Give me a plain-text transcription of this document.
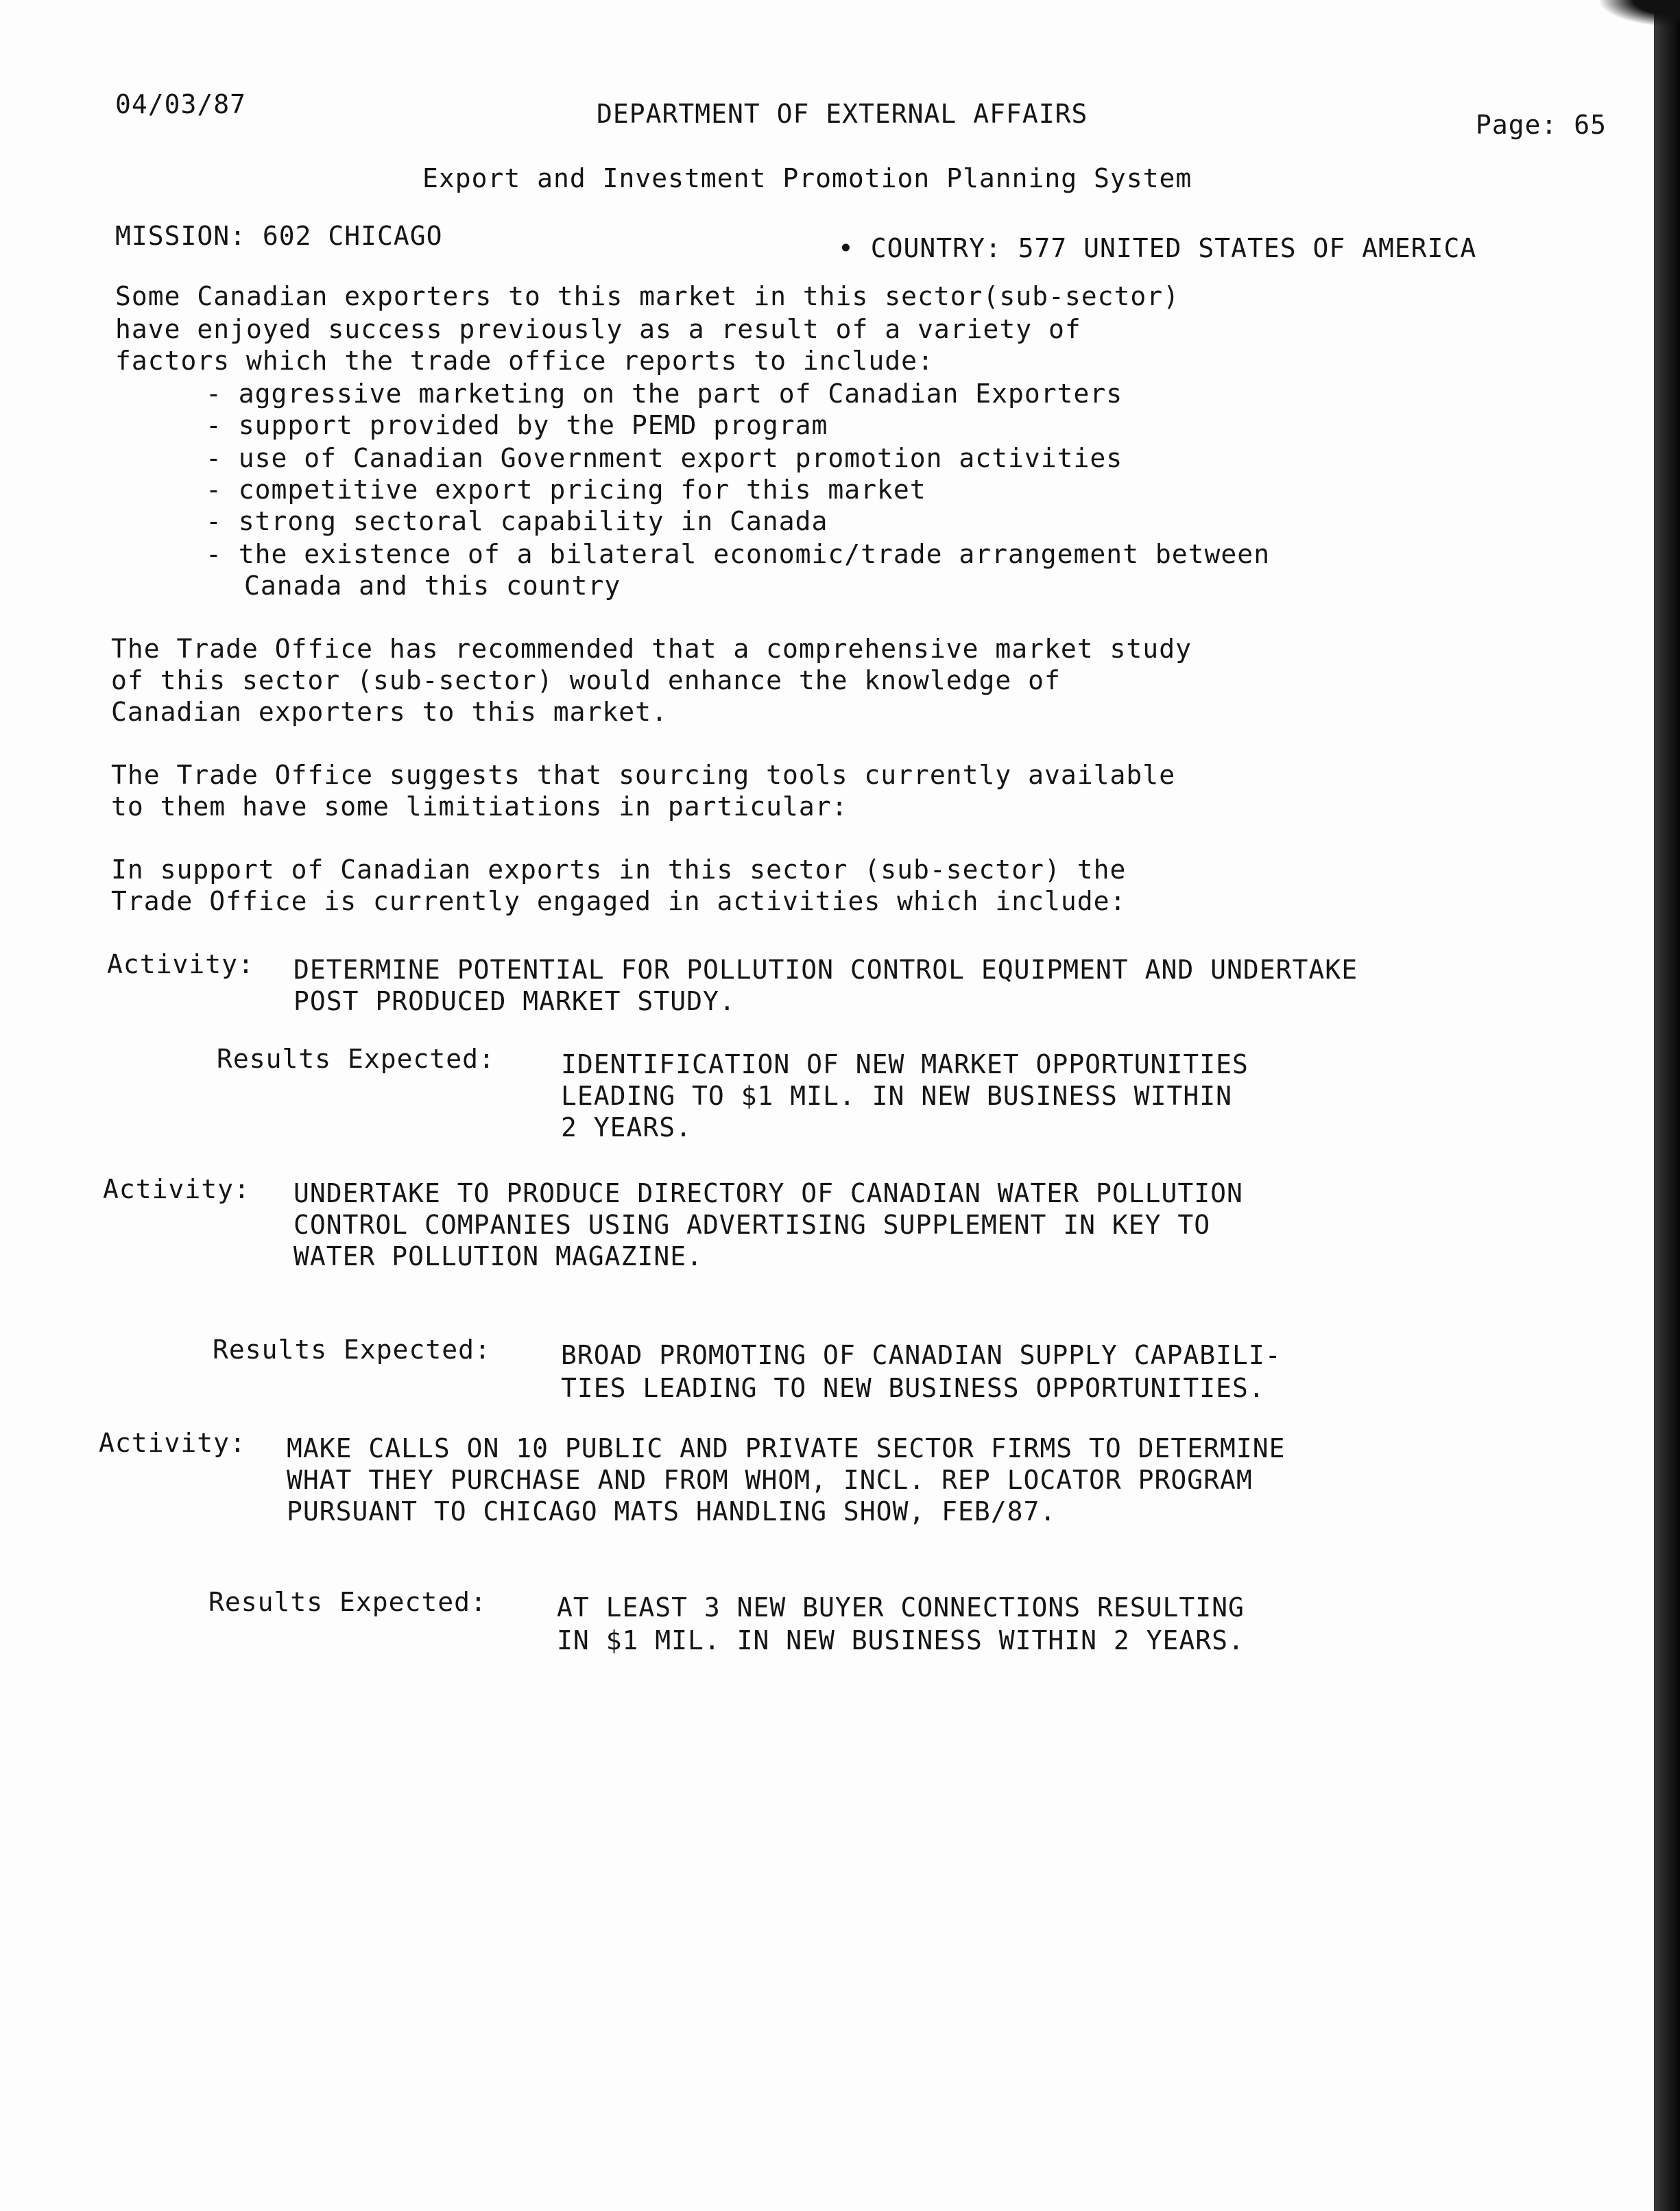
04/03/87	DEPARTMENT OF EXTERNAL AFFAIRS	Page: 65
Export and Investment Promotion Planning System
MISSION: 602 CHICAGO	• COUNTRY: 577 UNITED STATES OF AMERICA
Some Canadian exporters to this market in this sector(sub-sector)
have enjoyed success previously as a result of a variety of
factors which the trade office reports to include:
- aggressive marketing on the part of Canadian Exporters
- support provided by the PEMD program
- use of Canadian Government export promotion activities
- competitive export pricing for this market
- strong sectoral capability in Canada
- the existence of a bilateral economic/trade arrangement between
Canada and this country
The Trade Office has recommended that a comprehensive market study
of this sector (sub-sector) would enhance the knowledge of
Canadian exporters to this market.
The Trade Office suggests that sourcing tools currently available
to them have some limitiations in particular:
In support of Canadian exports in this sector (sub-sector) the
Trade Office is currently engaged in activities which include:
Activity: DETERMINE POTENTIAL FOR POLLUTION CONTROL EQUIPMENT AND UNDERTAKE
POST PRODUCED MARKET STUDY.
Results Expected:	IDENTIFICATION OF NEW MARKET OPPORTUNITIES
LEADING TO $1 MIL. IN NEW BUSINESS WITHIN
2 YEARS.
Activity: UNDERTAKE TO PRODUCE DIRECTORY OF CANADIAN WATER POLLUTION
CONTROL COMPANIES USING ADVERTISING SUPPLEMENT IN KEY TO
WATER POLLUTION MAGAZINE.
Results Expected:	BROAD PROMOTING OF CANADIAN SUPPLY CAPABILI-
TIES LEADING TO NEW BUSINESS OPPORTUNITIES.
Activity: MAKE CALLS ON 10 PUBLIC AND PRIVATE SECTOR FIRMS TO DETERMINE
WHAT THEY PURCHASE AND FROM WHOM, INCL. REP LOCATOR PROGRAM
PURSUANT TO CHICAGO MATS HANDLING SHOW, FEB/87.
Results Expected:	AT LEAST 3 NEW BUYER CONNECTIONS RESULTING
IN $1 MIL. IN NEW BUSINESS WITHIN 2 YEARS.
